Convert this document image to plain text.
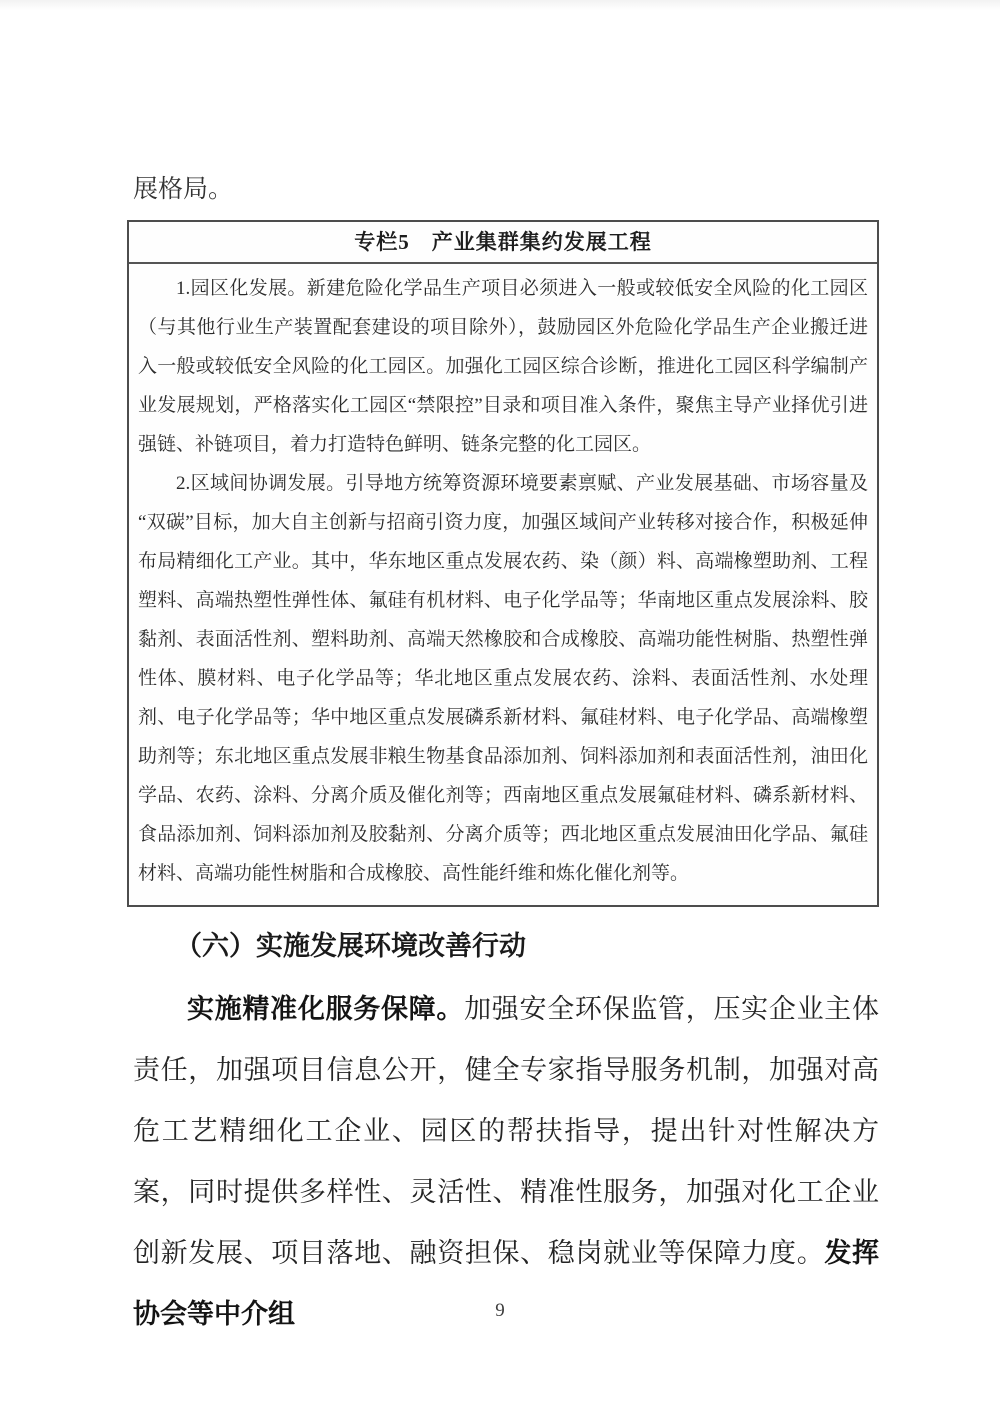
展格局。

专栏5　产业集群集约发展工程

1.园区化发展。新建危险化学品生产项目必须进入一般或较低安全风险的化工园区（与其他行业生产装置配套建设的项目除外），鼓励园区外危险化学品生产企业搬迁进入一般或较低安全风险的化工园区。加强化工园区综合诊断，推进化工园区科学编制产业发展规划，严格落实化工园区“禁限控”目录和项目准入条件，聚焦主导产业择优引进强链、补链项目，着力打造特色鲜明、链条完整的化工园区。

2.区域间协调发展。引导地方统筹资源环境要素禀赋、产业发展基础、市场容量及“双碳”目标，加大自主创新与招商引资力度，加强区域间产业转移对接合作，积极延伸布局精细化工产业。其中，华东地区重点发展农药、染（颜）料、高端橡塑助剂、工程塑料、高端热塑性弹性体、氟硅有机材料、电子化学品等；华南地区重点发展涂料、胶黏剂、表面活性剂、塑料助剂、高端天然橡胶和合成橡胶、高端功能性树脂、热塑性弹性体、膜材料、电子化学品等；华北地区重点发展农药、涂料、表面活性剂、水处理剂、电子化学品等；华中地区重点发展磷系新材料、氟硅材料、电子化学品、高端橡塑助剂等；东北地区重点发展非粮生物基食品添加剂、饲料添加剂和表面活性剂，油田化学品、农药、涂料、分离介质及催化剂等；西南地区重点发展氟硅材料、磷系新材料、食品添加剂、饲料添加剂及胶黏剂、分离介质等；西北地区重点发展油田化学品、氟硅材料、高端功能性树脂和合成橡胶、高性能纤维和炼化催化剂等。

（六）实施发展环境改善行动

实施精准化服务保障。加强安全环保监管，压实企业主体责任，加强项目信息公开，健全专家指导服务机制，加强对高危工艺精细化工企业、园区的帮扶指导，提出针对性解决方案，同时提供多样性、灵活性、精准性服务，加强对化工企业创新发展、项目落地、融资担保、稳岗就业等保障力度。发挥协会等中介组	9
